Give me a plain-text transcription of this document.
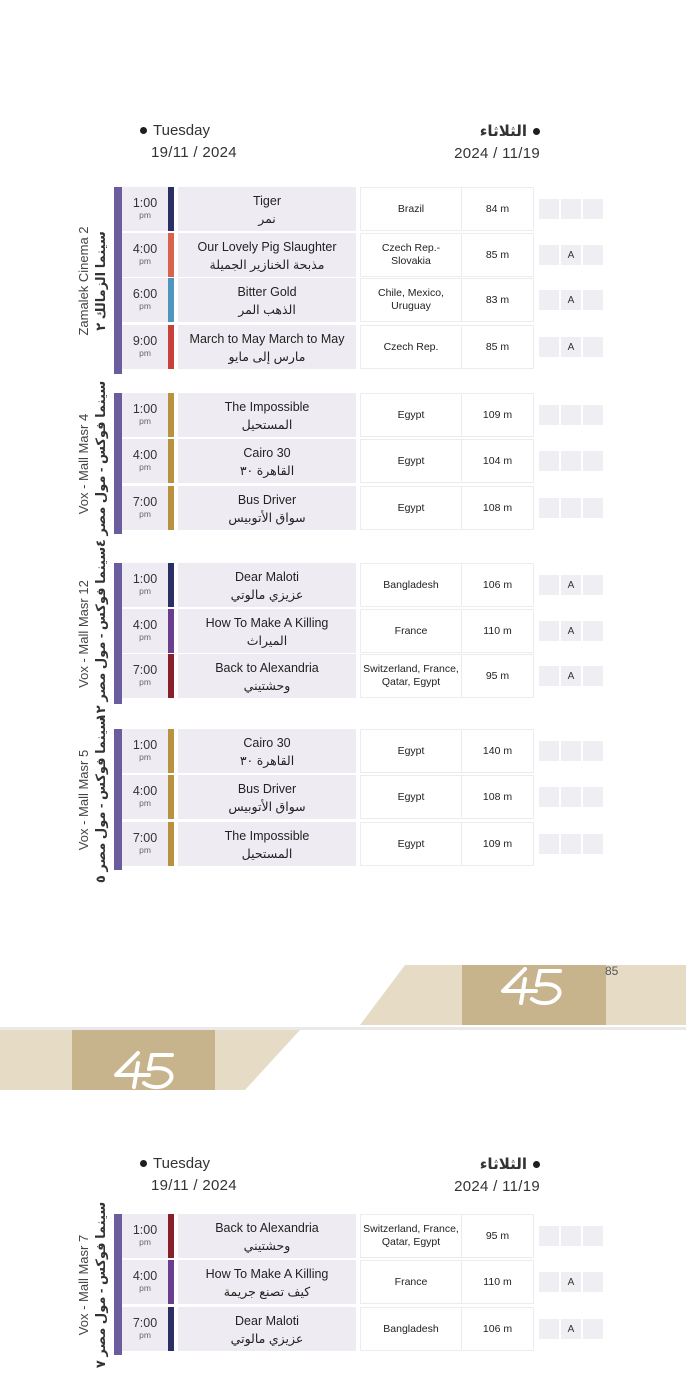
Tuesday
19/11 / 2024
الثلاثاء
2024 / 11/19
Zamalek Cinema 2 سينما الزمالك ٢
1:00
pm
Tiger
نمر
Brazil	84 m
4:00
pm
Our Lovely Pig Slaughter
مذبحة الخنازير الجميلة
Czech Rep.- Slovakia	85 m	A
6:00
pm
Bitter Gold
الذهب المر
Chile, Mexico, Uruguay	83 m	A
9:00
pm
March to May March to May
مارس إلى مايو
Czech Rep.	85 m	A
Vox - Mall Masr 4
سينما فوكس - مول مصر ٤	1:00
pm
The Impossible
المستحيل
Egypt	109 m
4:00
pm
Cairo 30
القاهرة ٣٠
Egypt	104 m
7:00
pm
Bus Driver
سواق الأتوبيس
Egypt	108 m
Vox - Mall Masr 12
سينما فوكس - مول مصر ١٢	1:00
pm
Dear Maloti
عزيزي مالوتي
Bangladesh	106 m	A
4:00
pm
How To Make A Killing
الميراث
France	110 m	A
7:00
pm
Back to Alexandria
وحشتيني
Switzerland, France, Qatar, Egypt	95 m	A
Vox - Mall Masr 5
سينما فوكس - مول مصر ٥	1:00
pm
Cairo 30
القاهرة ٣٠
Egypt	140 m
4:00
pm
Bus Driver
سواق الأتوبيس
Egypt	108 m
7:00
pm
The Impossible
المستحيل
Egypt	109 m
Tuesday
19/11 / 2024
الثلاثاء
2024 / 11/19
85
Vox - Mall Masr 7
سينما فوكس - مول مصر ٧	1:00
pm
Back to Alexandria
وحشتيني
Switzerland, France, Qatar, Egypt	95 m
4:00
pm
How To Make A Killing
كيف تصنع جريمة
France	110 m	A
7:00
pm
Dear Maloti
عزيزي مالوتي
Bangladesh	106 m	A
